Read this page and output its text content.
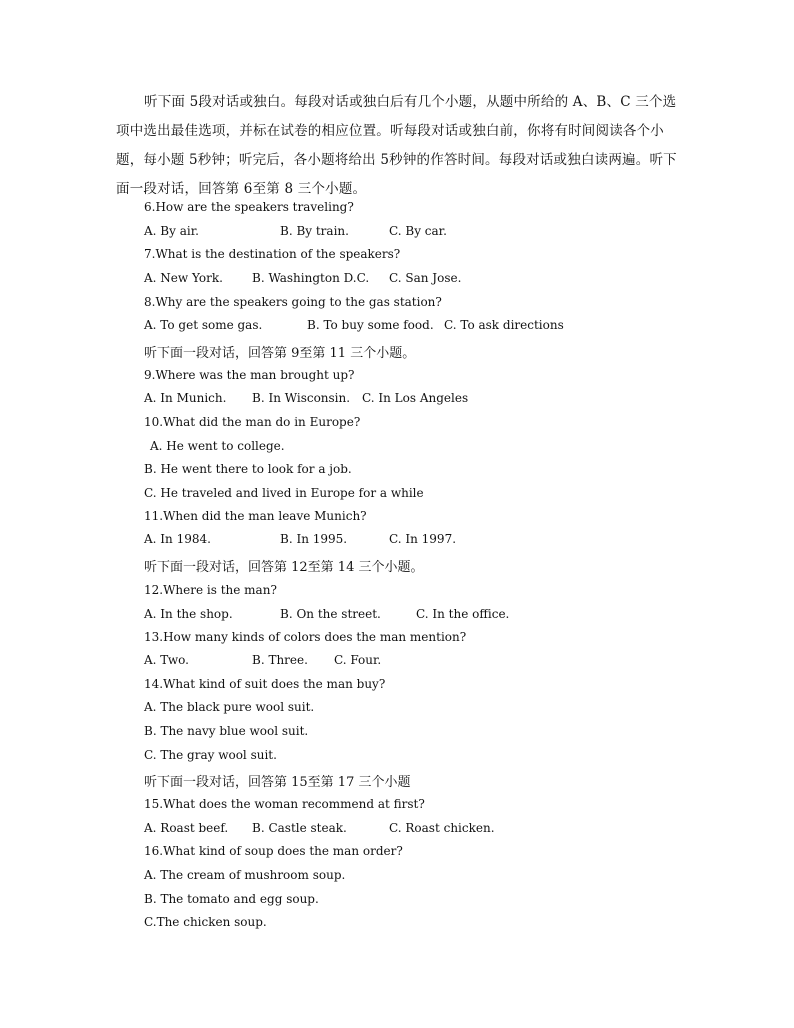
听下面 5段对话或独白。每段对话或独白后有几个小题，从题中所给的 A、B、C 三个选项中选出最佳选项，并标在试卷的相应位置。听每段对话或独白前，你将有时间阅读各个小题，每小题 5秒钟；听完后，各小题将给出 5秒钟的作答时间。每段对话或独白读两遍。听下面一段对话，回答第 6至第 8 三个小题。

6.How are the speakers traveling?
A. By air.	B. By train.	C. By car.
7.What is the destination of the speakers?
A. New York. B. Washington D.C. C. San Jose.
8.Why are the speakers going to the gas station?
A. To get some gas.	B. To buy some food. C. To ask directions
听下面一段对话，回答第 9至第 11 三个小题。
9.Where was the man brought up?
A. In Munich. B. In Wisconsin. C. In Los Angeles
10.What did the man do in Europe?
A. He went to college.
B. He went there to look for a job.
C. He traveled and lived in Europe for a while
11.When did the man leave Munich?
A. In 1984.	B. In 1995.	C. In 1997.
听下面一段对话，回答第 12至第 14 三个小题。
12.Where is the man?
A. In the shop.	B. On the street.	C. In the office.
13.How many kinds of colors does the man mention?
A. Two.	B. Three. C. Four.
14.What kind of suit does the man buy?
A. The black pure wool suit.
B. The navy blue wool suit.
C. The gray wool suit.
听下面一段对话，回答第 15至第 17 三个小题
15.What does the woman recommend at first?
A. Roast beef. B. Castle steak.	C. Roast chicken.
16.What kind of soup does the man order?
A. The cream of mushroom soup.
B. The tomato and egg soup.
C.The chicken soup.
